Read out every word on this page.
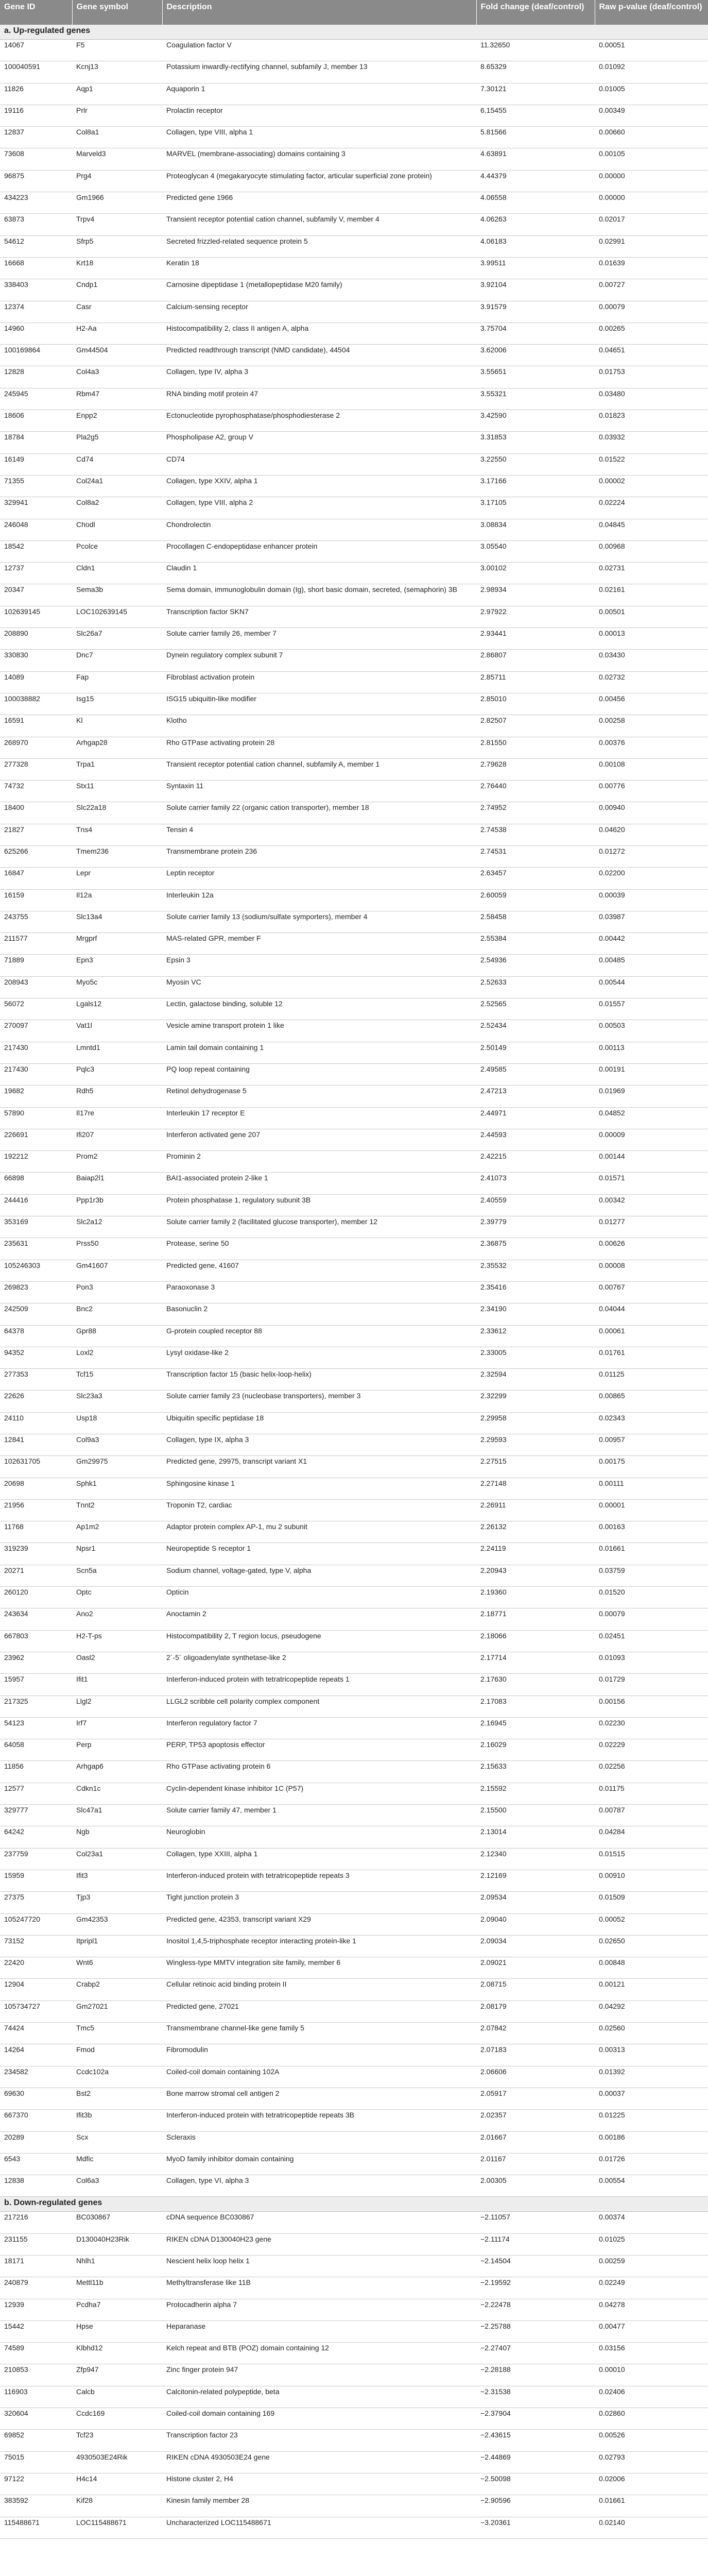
Gene ID	Gene symbol	Description	Fold change (deaf/control)	Raw p-value (deaf/control)
a. Up-regulated genes				
14067	F5	Coagulation factor V	11.32650	0.00051
100040591	Kcnj13	Potassium inwardly-rectifying channel, subfamily J, member 13	8.65329	0.01092
11826	Aqp1	Aquaporin 1	7.30121	0.01005
19116	Prlr	Prolactin receptor	6.15455	0.00349
12837	Col8a1	Collagen, type VIII, alpha 1	5.81566	0.00660
73608	Marveld3	MARVEL (membrane-associating) domains containing 3	4.63891	0.00105
96875	Prg4	Proteoglycan 4 (megakaryocyte stimulating factor, articular superficial zone protein)	4.44379	0.00000
434223	Gm1966	Predicted gene 1966	4.06558	0.00000
63873	Trpv4	Transient receptor potential cation channel, subfamily V, member 4	4.06263	0.02017
54612	Sfrp5	Secreted frizzled-related sequence protein 5	4.06183	0.02991
16668	Krt18	Keratin 18	3.99511	0.01639
338403	Cndp1	Carnosine dipeptidase 1 (metallopeptidase M20 family)	3.92104	0.00727
12374	Casr	Calcium-sensing receptor	3.91579	0.00079
14960	H2-Aa	Histocompatibility 2, class II antigen A, alpha	3.75704	0.00265
100169864	Gm44504	Predicted readthrough transcript (NMD candidate), 44504	3.62006	0.04651
12828	Col4a3	Collagen, type IV, alpha 3	3.55651	0.01753
245945	Rbm47	RNA binding motif protein 47	3.55321	0.03480
18606	Enpp2	Ectonucleotide pyrophosphatase/phosphodiesterase 2	3.42590	0.01823
18784	Pla2g5	Phospholipase A2, group V	3.31853	0.03932
16149	Cd74	CD74	3.22550	0.01522
71355	Col24a1	Collagen, type XXIV, alpha 1	3.17166	0.00002
329941	Col8a2	Collagen, type VIII, alpha 2	3.17105	0.02224
246048	Chodl	Chondrolectin	3.08834	0.04845
18542	Pcolce	Procollagen C-endopeptidase enhancer protein	3.05540	0.00968
12737	Cldn1	Claudin 1	3.00102	0.02731
20347	Sema3b	Sema domain, immunoglobulin domain (Ig), short basic domain, secreted, (semaphorin) 3B	2.98934	0.02161
102639145	LOC102639145	Transcription factor SKN7	2.97922	0.00501
208890	Slc26a7	Solute carrier family 26, member 7	2.93441	0.00013
330830	Dnc7	Dynein regulatory complex subunit 7	2.86807	0.03430
14089	Fap	Fibroblast activation protein	2.85711	0.02732
100038882	Isg15	ISG15 ubiquitin-like modifier	2.85010	0.00456
16591	Kl	Klotho	2.82507	0.00258
268970	Arhgap28	Rho GTPase activating protein 28	2.81550	0.00376
277328	Trpa1	Transient receptor potential cation channel, subfamily A, member 1	2.79628	0.00108
74732	Stx11	Syntaxin 11	2.76440	0.00776
18400	Slc22a18	Solute carrier family 22 (organic cation transporter), member 18	2.74952	0.00940
21827	Tns4	Tensin 4	2.74538	0.04620
625266	Tmem236	Transmembrane protein 236	2.74531	0.01272
16847	Lepr	Leptin receptor	2.63457	0.02200
16159	Il12a	Interleukin 12a	2.60059	0.00039
243755	Slc13a4	Solute carrier family 13 (sodium/sulfate symporters), member 4	2.58458	0.03987
211577	Mrgprf	MAS-related GPR, member F	2.55384	0.00442
71889	Epn3	Epsin 3	2.54936	0.00485
208943	Myo5c	Myosin VC	2.52633	0.00544
56072	Lgals12	Lectin, galactose binding, soluble 12	2.52565	0.01557
270097	Vat1l	Vesicle amine transport protein 1 like	2.52434	0.00503
217430	Lmntd1	Lamin tail domain containing 1	2.50149	0.00113
217430	Pqlc3	PQ loop repeat containing	2.49585	0.00191
19682	Rdh5	Retinol dehydrogenase 5	2.47213	0.01969
57890	Il17re	Interleukin 17 receptor E	2.44971	0.04852
226691	Ifi207	Interferon activated gene 207	2.44593	0.00009
192212	Prom2	Prominin 2	2.42215	0.00144
66898	Baiap2l1	BAI1-associated protein 2-like 1	2.41073	0.01571
244416	Ppp1r3b	Protein phosphatase 1, regulatory subunit 3B	2.40559	0.00342
353169	Slc2a12	Solute carrier family 2 (facilitated glucose transporter), member 12	2.39779	0.01277
235631	Prss50	Protease, serine 50	2.36875	0.00626
105246303	Gm41607	Predicted gene, 41607	2.35532	0.00008
269823	Pon3	Paraoxonase 3	2.35416	0.00767
242509	Bnc2	Basonuclin 2	2.34190	0.04044
64378	Gpr88	G-protein coupled receptor 88	2.33612	0.00061
94352	Loxl2	Lysyl oxidase-like 2	2.33005	0.01761
277353	Tcf15	Transcription factor 15 (basic helix-loop-helix)	2.32594	0.01125
22626	Slc23a3	Solute carrier family 23 (nucleobase transporters), member 3	2.32299	0.00865
24110	Usp18	Ubiquitin specific peptidase 18	2.29958	0.02343
12841	Col9a3	Collagen, type IX, alpha 3	2.29593	0.00957
102631705	Gm29975	Predicted gene, 29975, transcript variant X1	2.27515	0.00175
20698	Sphk1	Sphingosine kinase 1	2.27148	0.00111
21956	Tnnt2	Troponin T2, cardiac	2.26911	0.00001
11768	Ap1m2	Adaptor protein complex AP-1, mu 2 subunit	2.26132	0.00163
319239	Npsr1	Neuropeptide S receptor 1	2.24119	0.01661
20271	Scn5a	Sodium channel, voltage-gated, type V, alpha	2.20943	0.03759
260120	Optc	Opticin	2.19360	0.01520
243634	Ano2	Anoctamin 2	2.18771	0.00079
667803	H2-T-ps	Histocompatibility 2, T region locus, pseudogene	2.18066	0.02451
23962	Oasl2	2´-5´ oligoadenylate synthetase-like 2	2.17714	0.01093
15957	Ifit1	Interferon-induced protein with tetratricopeptide repeats 1	2.17630	0.01729
217325	Llgl2	LLGL2 scribble cell polarity complex component	2.17083	0.00156
54123	Irf7	Interferon regulatory factor 7	2.16945	0.02230
64058	Perp	PERP, TP53 apoptosis effector	2.16029	0.02229
11856	Arhgap6	Rho GTPase activating protein 6	2.15633	0.02256
12577	Cdkn1c	Cyclin-dependent kinase inhibitor 1C (P57)	2.15592	0.01175
329777	Slc47a1	Solute carrier family 47, member 1	2.15500	0.00787
64242	Ngb	Neuroglobin	2.13014	0.04284
237759	Col23a1	Collagen, type XXIII, alpha 1	2.12340	0.01515
15959	Ifit3	Interferon-induced protein with tetratricopeptide repeats 3	2.12169	0.00910
27375	Tjp3	Tight junction protein 3	2.09534	0.01509
105247720	Gm42353	Predicted gene, 42353, transcript variant X29	2.09040	0.00052
73152	Itpripl1	Inositol 1,4,5-triphosphate receptor interacting protein-like 1	2.09034	0.02650
22420	Wnt6	Wingless-type MMTV integration site family, member 6	2.09021	0.00848
12904	Crabp2	Cellular retinoic acid binding protein II	2.08715	0.00121
105734727	Gm27021	Predicted gene, 27021	2.08179	0.04292
74424	Tmc5	Transmembrane channel-like gene family 5	2.07842	0.02560
14264	Fmod	Fibromodulin	2.07183	0.00313
234582	Ccdc102a	Coiled-coil domain containing 102A	2.06606	0.01392
69630	Bst2	Bone marrow stromal cell antigen 2	2.05917	0.00037
667370	Ifit3b	Interferon-induced protein with tetratricopeptide repeats 3B	2.02357	0.01225
20289	Scx	Scleraxis	2.01667	0.00186
6543	Mdfic	MyoD family inhibitor domain containing	2.01167	0.01726
12838	Col6a3	Collagen, type VI, alpha 3	2.00305	0.00554
b. Down-regulated genes				
217216	BC030867	cDNA sequence BC030867	−2.11057	0.00374
231155	D130040H23Rik	RIKEN cDNA D130040H23 gene	−2.11174	0.01025
18171	Nhlh1	Nescient helix loop helix 1	−2.14504	0.00259
240879	Mettl11b	Methyltransferase like 11B	−2.19592	0.02249
12939	Pcdha7	Protocadherin alpha 7	−2.22478	0.04278
15442	Hpse	Heparanase	−2.25788	0.00477
74589	Klbhd12	Kelch repeat and BTB (POZ) domain containing 12	−2.27407	0.03156
210853	Zfp947	Zinc finger protein 947	−2.28188	0.00010
116903	Calcb	Calcitonin-related polypeptide, beta	−2.31538	0.02406
320604	Ccdc169	Coiled-coil domain containing 169	−2.37904	0.02860
69852	Tcf23	Transcription factor 23	−2.43615	0.00526
75015	4930503E24Rik	RIKEN cDNA 4930503E24 gene	−2.44869	0.02793
97122	H4c14	Histone cluster 2, H4	−2.50098	0.02006
383592	Kif28	Kinesin family member 28	−2.90596	0.01661
115488671	LOC115488671	Uncharacterized LOC115488671	−3.20361	0.02140
